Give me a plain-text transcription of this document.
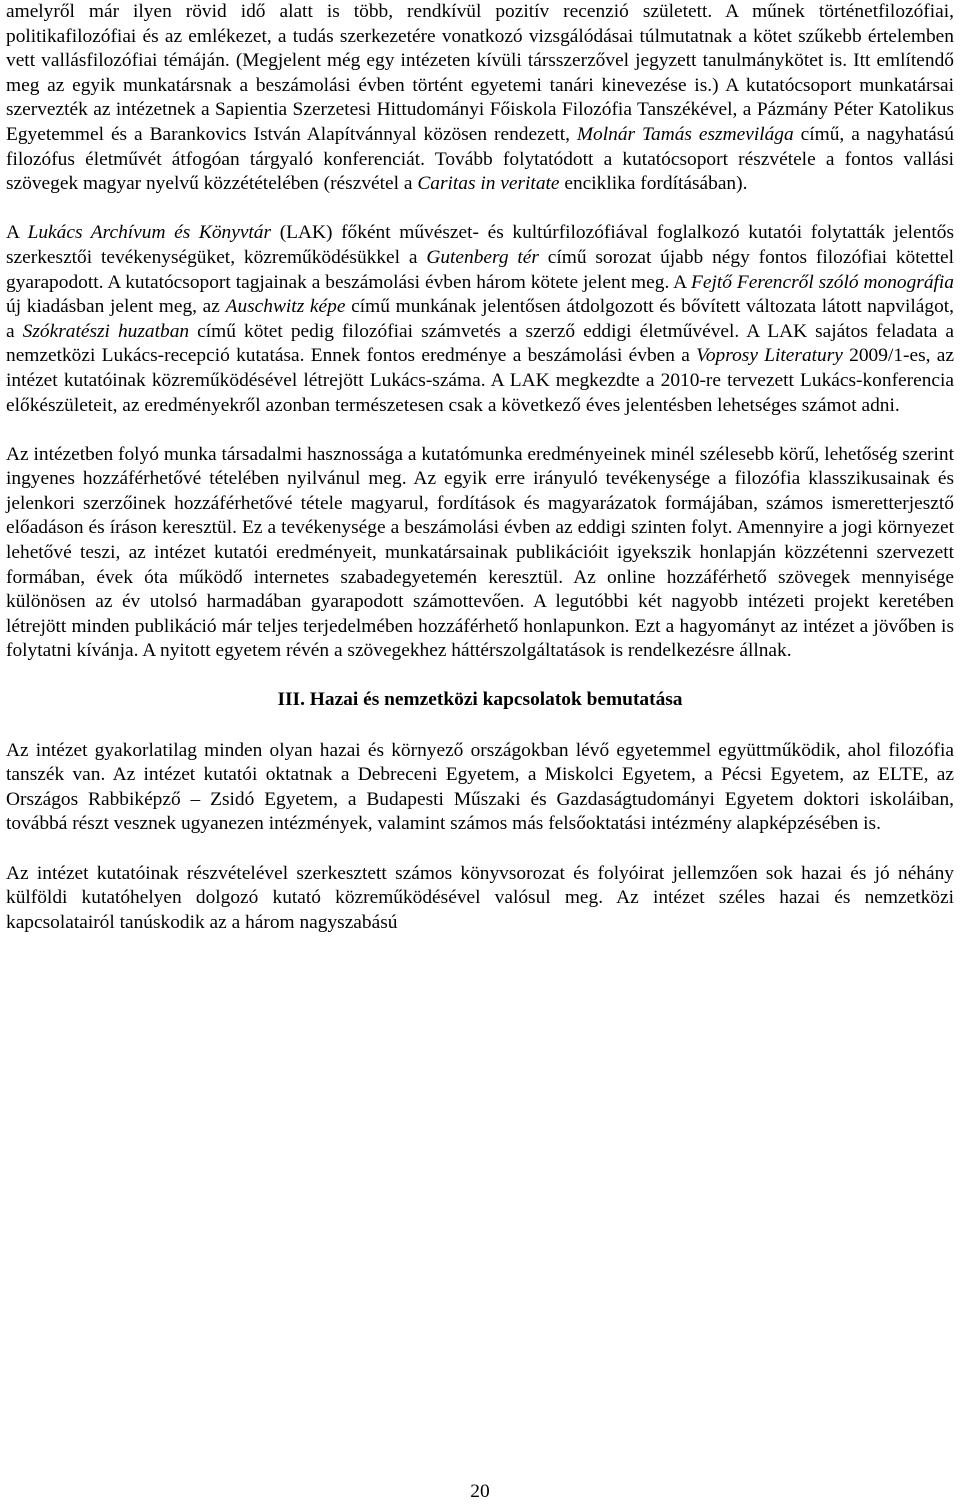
amelyről már ilyen rövid idő alatt is több, rendkívül pozitív recenzió született. A műnek történetfilozófiai, politikafilozófiai és az emlékezet, a tudás szerkezetére vonatkozó vizsgálódásai túlmutatnak a kötet szűkebb értelemben vett vallásfilozófiai témáján. (Megjelent még egy intézeten kívüli társszerzővel jegyzett tanulmánykötet is. Itt említendő meg az egyik munkatársnak a beszámolási évben történt egyetemi tanári kinevezése is.) A kutatócsoport munkatársai szervezték az intézetnek a Sapientia Szerzetesi Hittudományi Főiskola Filozófia Tanszékével, a Pázmány Péter Katolikus Egyetemmel és a Barankovics István Alapítvánnyal közösen rendezett, Molnár Tamás eszmevilága című, a nagyhatású filozófus életművét átfogóan tárgyaló konferenciát. Tovább folytatódott a kutatócsoport részvétele a fontos vallási szövegek magyar nyelvű közzétételében (részvétel a Caritas in veritate enciklika fordításában).

A Lukács Archívum és Könyvtár (LAK) főként művészet- és kultúrfilozófiával foglalkozó kutatói folytatták jelentős szerkesztői tevékenységüket, közreműködésükkel a Gutenberg tér című sorozat újabb négy fontos filozófiai kötettel gyarapodott. A kutatócsoport tagjainak a beszámolási évben három kötete jelent meg. A Fejtő Ferencről szóló monográfia új kiadásban jelent meg, az Auschwitz képe című munkának jelentősen átdolgozott és bővített változata látott napvilágot, a Szókratészi huzatban című kötet pedig filozófiai számvetés a szerző eddigi életművével. A LAK sajátos feladata a nemzetközi Lukács-recepció kutatása. Ennek fontos eredménye a beszámolási évben a Voprosy Literatury 2009/1-es, az intézet kutatóinak közreműködésével létrejött Lukács-száma. A LAK megkezdte a 2010-re tervezett Lukács-konferencia előkészületeit, az eredményekről azonban természetesen csak a következő éves jelentésben lehetséges számot adni.

Az intézetben folyó munka társadalmi hasznossága a kutatómunka eredményeinek minél szélesebb körű, lehetőség szerint ingyenes hozzáférhetővé tételében nyilvánul meg. Az egyik erre irányuló tevékenysége a filozófia klasszikusainak és jelenkori szerzőinek hozzáférhetővé tétele magyarul, fordítások és magyarázatok formájában, számos ismeretterjesztő előadáson és íráson keresztül. Ez a tevékenysége a beszámolási évben az eddigi szinten folyt. Amennyire a jogi környezet lehetővé teszi, az intézet kutatói eredményeit, munkatársainak publikációit igyekszik honlapján közzétenni szervezett formában, évek óta működő internetes szabadegyetemén keresztül. Az online hozzáférhető szövegek mennyisége különösen az év utolsó harmadában gyarapodott számottevően. A legutóbbi két nagyobb intézeti projekt keretében létrejött minden publikáció már teljes terjedelmében hozzáférhető honlapunkon. Ezt a hagyományt az intézet a jövőben is folytatni kívánja. A nyitott egyetem révén a szövegekhez háttérszolgáltatások is rendelkezésre állnak.

III. Hazai és nemzetközi kapcsolatok bemutatása

Az intézet gyakorlatilag minden olyan hazai és környező országokban lévő egyetemmel együttműködik, ahol filozófia tanszék van. Az intézet kutatói oktatnak a Debreceni Egyetem, a Miskolci Egyetem, a Pécsi Egyetem, az ELTE, az Országos Rabbiképző – Zsidó Egyetem, a Budapesti Műszaki és Gazdaságtudományi Egyetem doktori iskoláiban, továbbá részt vesznek ugyanezen intézmények, valamint számos más felsőoktatási intézmény alapképzésében is.

Az intézet kutatóinak részvételével szerkesztett számos könyvsorozat és folyóirat jellemzően sok hazai és jó néhány külföldi kutatóhelyen dolgozó kutató közreműködésével valósul meg. Az intézet széles hazai és nemzetközi kapcsolatairól tanúskodik az a három nagyszabású

20
